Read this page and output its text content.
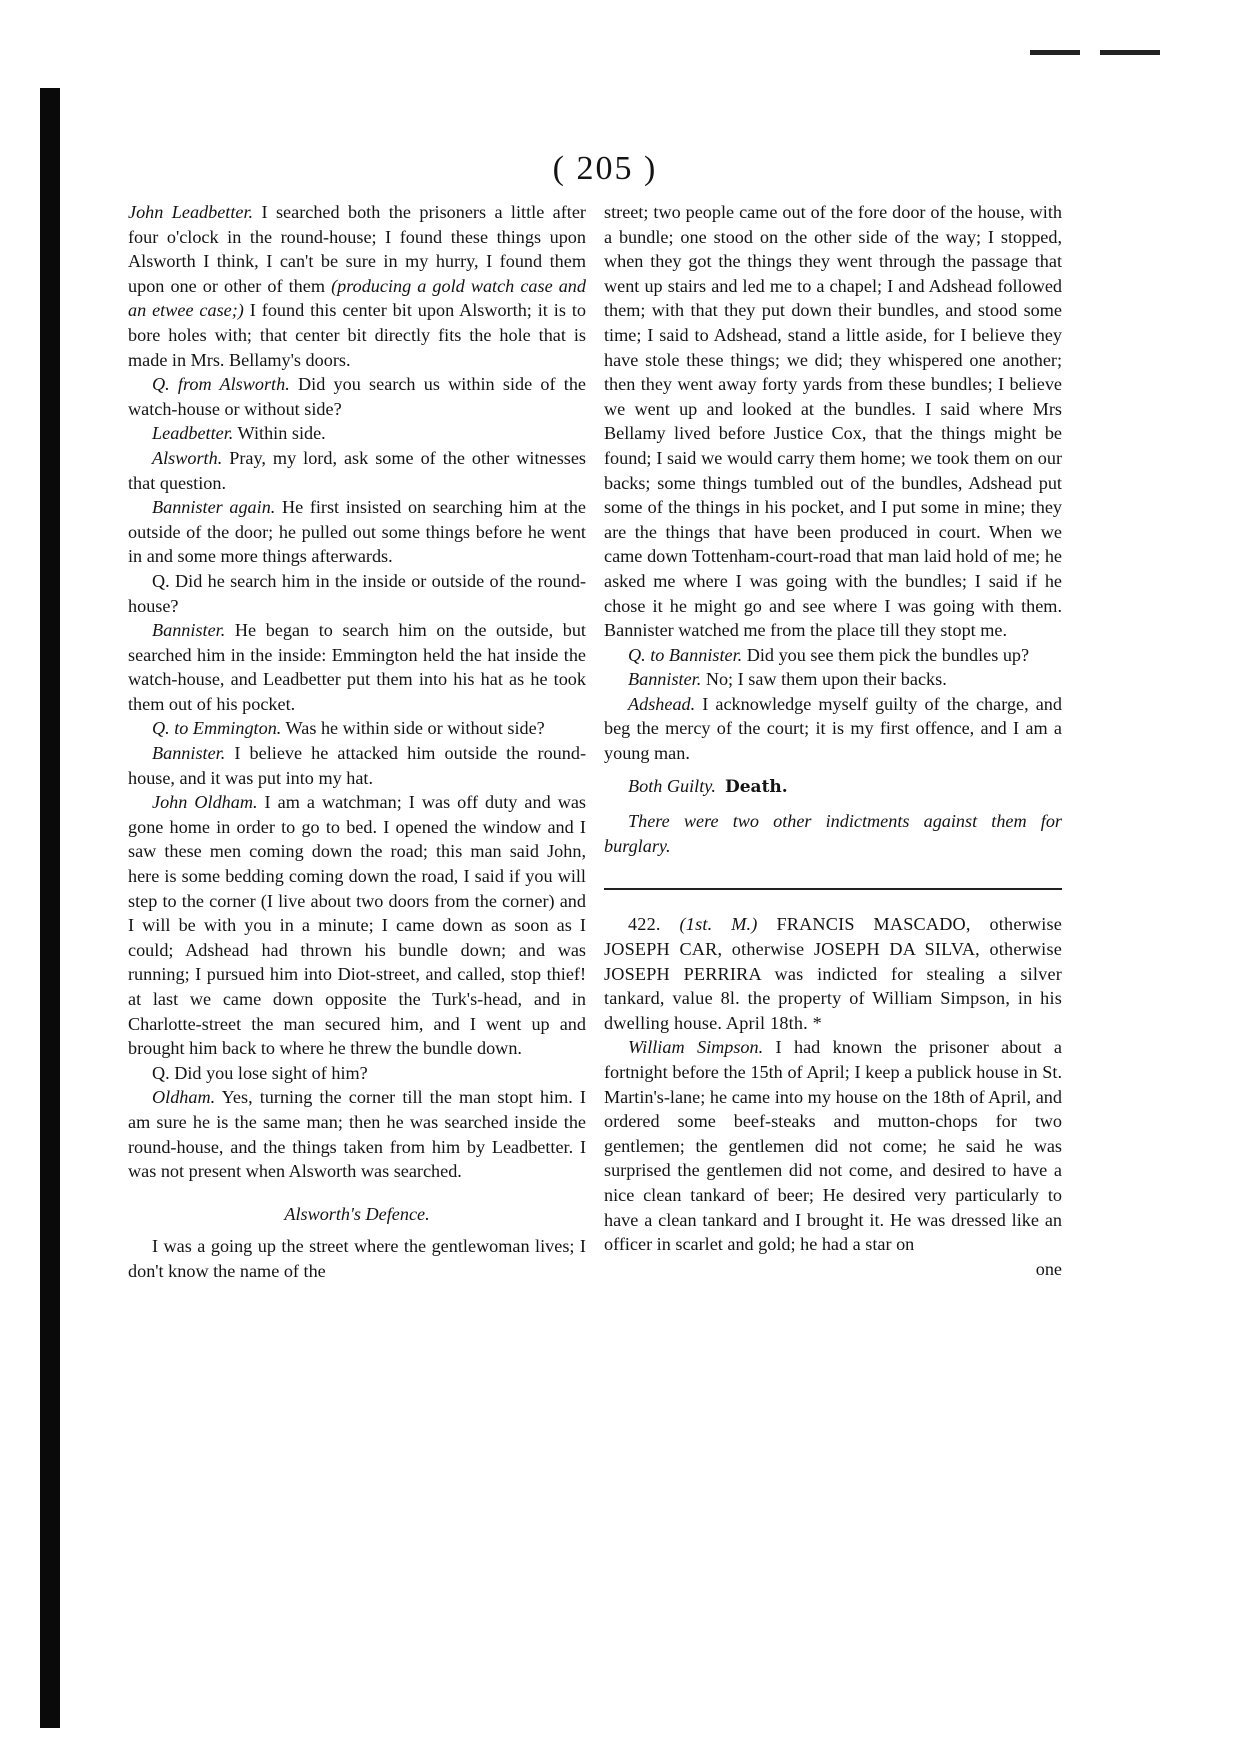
( 205 )

John Leadbetter. I searched both the prisoners a little after four o'clock in the round-house; I found these things upon Alsworth I think, I can't be sure in my hurry, I found them upon one or other of them (producing a gold watch case and an etwee case;) I found this center bit upon Alsworth; it is to bore holes with; that center bit directly fits the hole that is made in Mrs. Bellamy's doors.

Q. from Alsworth. Did you search us within side of the watch-house or without side?

Leadbetter. Within side.

Alsworth. Pray, my lord, ask some of the other witnesses that question.

Bannister again. He first insisted on searching him at the outside of the door; he pulled out some things before he went in and some more things afterwards.

Q. Did he search him in the inside or outside of the round-house?

Bannister. He began to search him on the outside, but searched him in the inside: Emmington held the hat inside the watch-house, and Leadbetter put them into his hat as he took them out of his pocket.

Q. to Emmington. Was he within side or without side?

Bannister. I believe he attacked him outside the round-house, and it was put into my hat.

John Oldham. I am a watchman; I was off duty and was gone home in order to go to bed. I opened the window and I saw these men coming down the road; this man said John, here is some bedding coming down the road, I said if you will step to the corner (I live about two doors from the corner) and I will be with you in a minute; I came down as soon as I could; Adshead had thrown his bundle down; and was running; I pursued him into Diot-street, and called, stop thief! at last we came down opposite the Turk's-head, and in Charlotte-street the man secured him, and I went up and brought him back to where he threw the bundle down.

Q. Did you lose sight of him?

Oldham. Yes, turning the corner till the man stopt him. I am sure he is the same man; then he was searched inside the round-house, and the things taken from him by Leadbetter. I was not present when Alsworth was searched.

Alsworth's Defence.

I was a going up the street where the gentlewoman lives; I don't know the name of the

street; two people came out of the fore door of the house, with a bundle; one stood on the other side of the way; I stopped, when they got the things they went through the passage that went up stairs and led me to a chapel; I and Adshead followed them; with that they put down their bundles, and stood some time; I said to Adshead, stand a little aside, for I believe they have stole these things; we did; they whispered one another; then they went away forty yards from these bundles; I believe we went up and looked at the bundles. I said where Mrs Bellamy lived before Justice Cox, that the things might be found; I said we would carry them home; we took them on our backs; some things tumbled out of the bundles, Adshead put some of the things in his pocket, and I put some in mine; they are the things that have been produced in court. When we came down Tottenham-court-road that man laid hold of me; he asked me where I was going with the bundles; I said if he chose it he might go and see where I was going with them. Bannister watched me from the place till they stopt me.

Q. to Bannister. Did you see them pick the bundles up?

Bannister. No; I saw them upon their backs.

Adshead. I acknowledge myself guilty of the charge, and beg the mercy of the court; it is my first offence, and I am a young man.

Both Guilty. Death.

There were two other indictments against them for burglary.

422. (1st. M.) FRANCIS MASCADO, otherwise JOSEPH CAR, otherwise JOSEPH DA SILVA, otherwise JOSEPH PERRIRA was indicted for stealing a silver tankard, value 8l. the property of William Simpson, in his dwelling house. April 18th. *

William Simpson. I had known the prisoner about a fortnight before the 15th of April; I keep a publick house in St. Martin's-lane; he came into my house on the 18th of April, and ordered some beef-steaks and mutton-chops for two gentlemen; the gentlemen did not come; he said he was surprised the gentlemen did not come, and desired to have a nice clean tankard of beer; He desired very particularly to have a clean tankard and I brought it. He was dressed like an officer in scarlet and gold; he had a star on

one
